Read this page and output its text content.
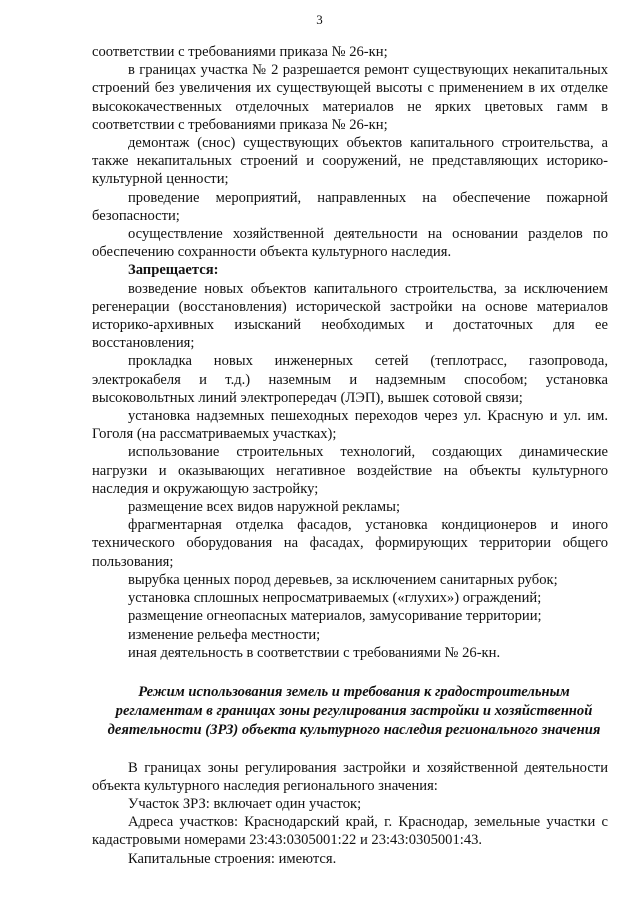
3

соответствии с требованиями приказа № 26-кн;

в границах участка № 2 разрешается ремонт существующих некапитальных строений без увеличения их существующей высоты с применением в их отделке высококачественных отделочных материалов не ярких цветовых гамм в соответствии с требованиями приказа № 26-кн;

демонтаж (снос) существующих объектов капитального строительства, а также некапитальных строений и сооружений, не представляющих историко-культурной ценности;

проведение мероприятий, направленных на обеспечение пожарной безопасности;

осуществление хозяйственной деятельности на основании разделов по обеспечению сохранности объекта культурного наследия.

Запрещается:

возведение новых объектов капитального строительства, за исключением регенерации (восстановления) исторической застройки на основе материалов историко-архивных изысканий необходимых и достаточных для ее восстановления;

прокладка новых инженерных сетей (теплотрасс, газопровода, электрокабеля и т.д.) наземным и надземным способом; установка высоковольтных линий электропередач (ЛЭП), вышек сотовой связи;

установка надземных пешеходных переходов через ул. Красную и ул. им. Гоголя (на рассматриваемых участках);

использование строительных технологий, создающих динамические нагрузки и оказывающих негативное воздействие на объекты культурного наследия и окружающую застройку;

размещение всех видов наружной рекламы;

фрагментарная отделка фасадов, установка кондиционеров и иного технического оборудования на фасадах, формирующих территории общего пользования;

вырубка ценных пород деревьев, за исключением санитарных рубок;

установка сплошных непросматриваемых («глухих») ограждений;

размещение огнеопасных материалов, замусоривание территории;

изменение рельефа местности;

иная деятельность в соответствии с требованиями № 26-кн.

Режим использования земель и требования к градостроительным регламентам в границах зоны регулирования застройки и хозяйственной деятельности (ЗРЗ) объекта культурного наследия регионального значения

В границах зоны регулирования застройки и хозяйственной деятельности объекта культурного наследия регионального значения:

Участок ЗРЗ: включает один участок;

Адреса участков: Краснодарский край, г. Краснодар, земельные участки с кадастровыми номерами 23:43:0305001:22 и 23:43:0305001:43.

Капитальные строения: имеются.
